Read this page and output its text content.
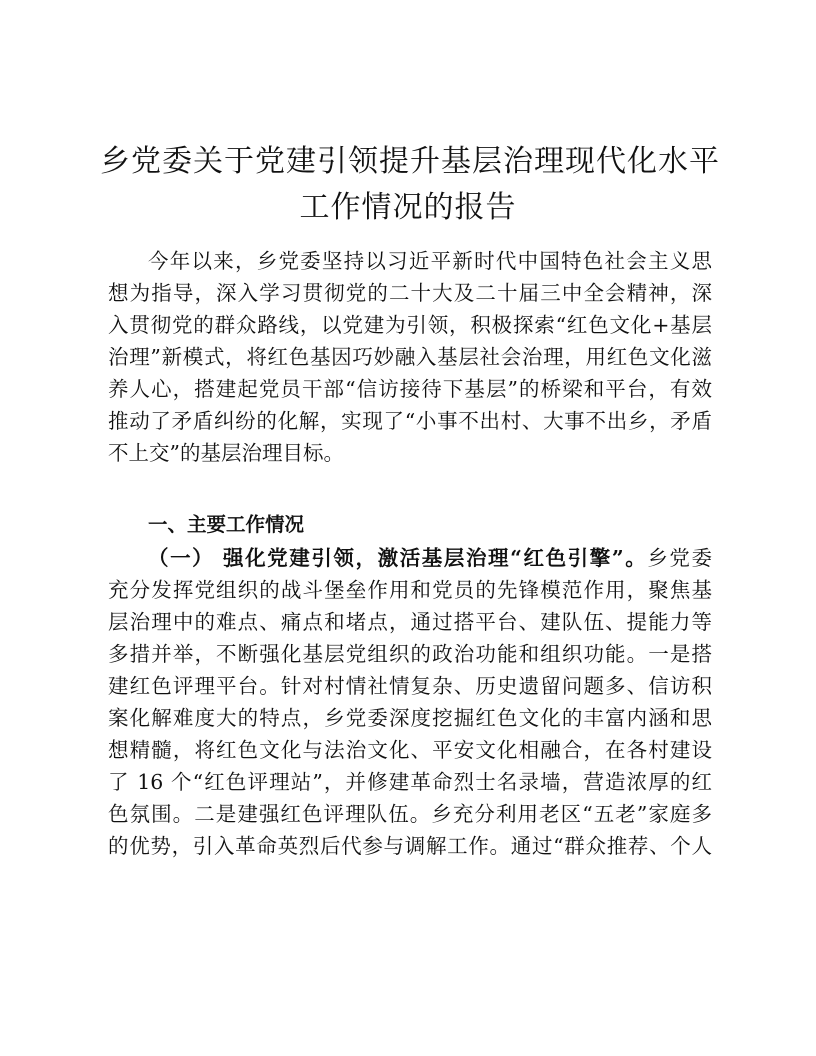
乡党委关于党建引领提升基层治理现代化水平
工作情况的报告

今年以来，乡党委坚持以习近平新时代中国特色社会主义思

想为指导，深入学习贯彻党的二十大及二十届三中全会精神，深

入贯彻党的群众路线，以党建为引领，积极探索“红色文化+基层

治理”新模式，将红色基因巧妙融入基层社会治理，用红色文化滋

养人心，搭建起党员干部“信访接待下基层”的桥梁和平台，有效

推动了矛盾纠纷的化解，实现了“小事不出村、大事不出乡，矛盾

不上交”的基层治理目标。

一、主要工作情况

（一） 强化党建引领，激活基层治理“红色引擎”。乡党委

充分发挥党组织的战斗堡垒作用和党员的先锋模范作用，聚焦基

层治理中的难点、痛点和堵点，通过搭平台、建队伍、提能力等

多措并举，不断强化基层党组织的政治功能和组织功能。一是搭

建红色评理平台。针对村情社情复杂、历史遗留问题多、信访积

案化解难度大的特点，乡党委深度挖掘红色文化的丰富内涵和思

想精髓，将红色文化与法治文化、平安文化相融合，在各村建设

了 16 个“红色评理站”，并修建革命烈士名录墙，营造浓厚的红

色氛围。二是建强红色评理队伍。乡充分利用老区“五老”家庭多

的优势，引入革命英烈后代参与调解工作。通过“群众推荐、个人
